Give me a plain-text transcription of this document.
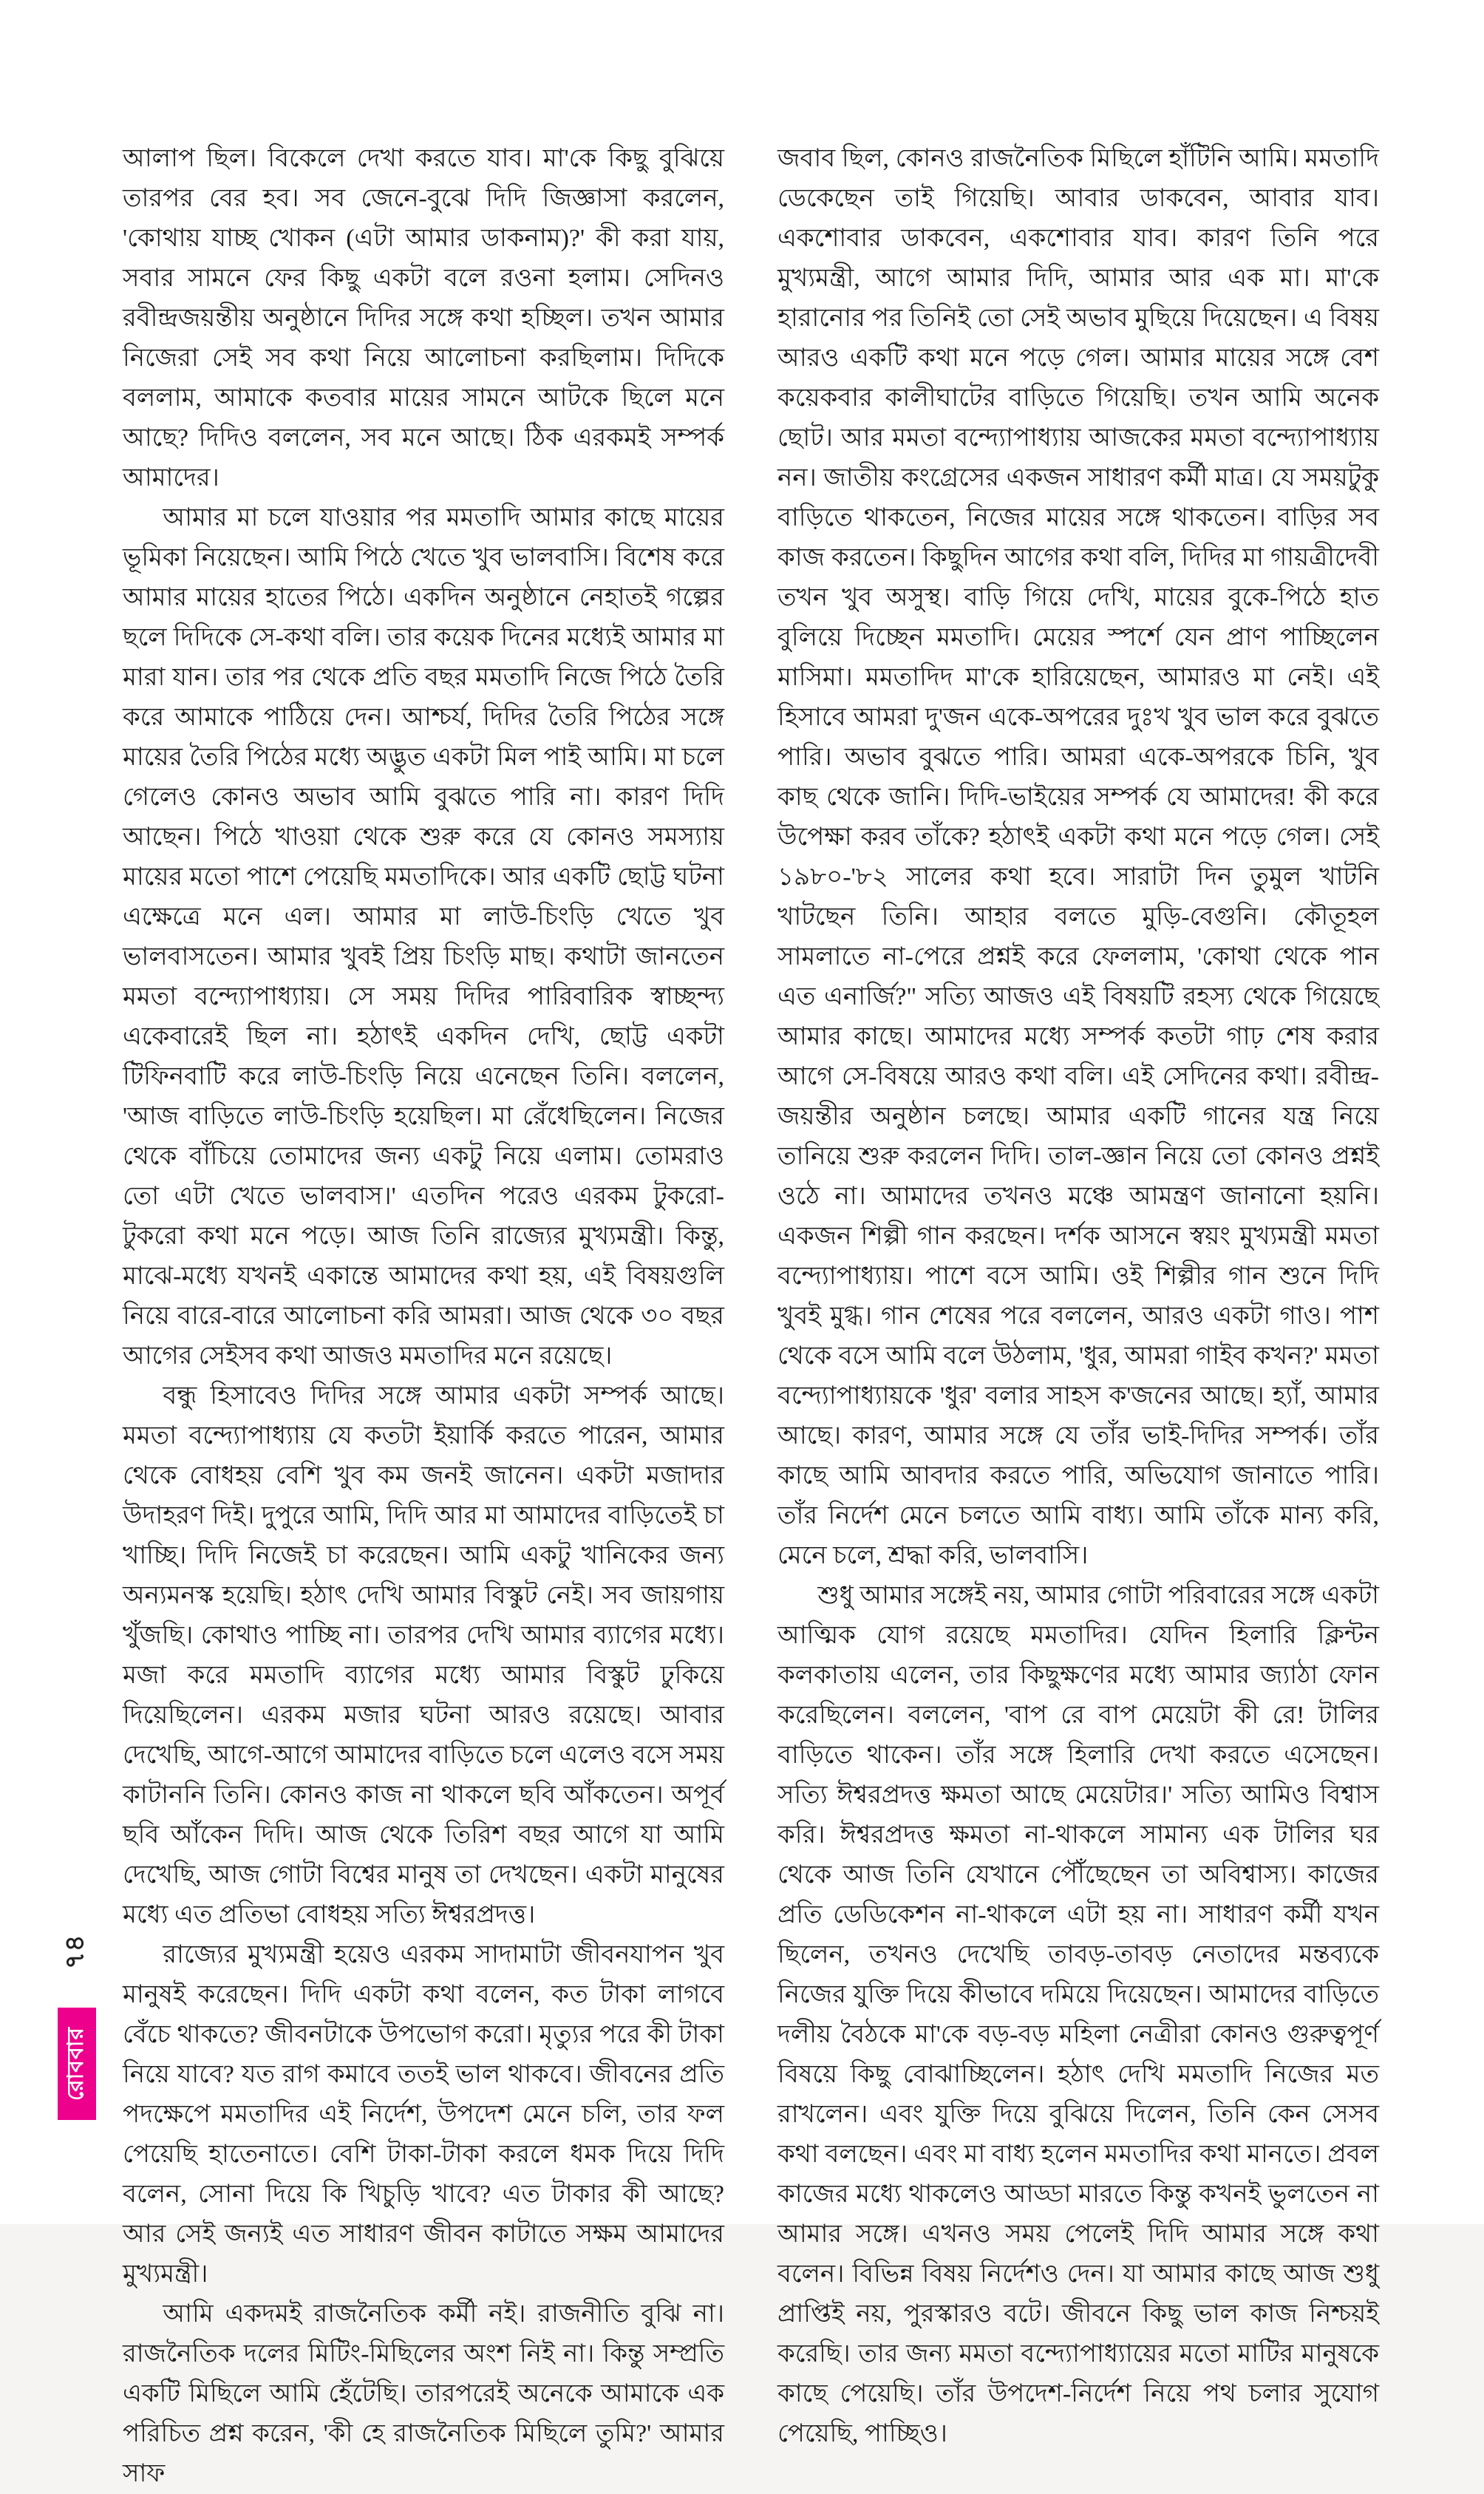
আলাপ ছিল। বিকেলে দেখা করতে যাব। মা'কে কিছু বুঝিয়ে তারপর বের হব। সব জেনে-বুঝে দিদি জিজ্ঞাসা করলেন, 'কোথায় যাচ্ছ খোকন (এটা আমার ডাকনাম)?' কী করা যায়, সবার সামনে ফের কিছু একটা বলে রওনা হলাম। সেদিনও রবীন্দ্রজয়ন্তীয় অনুষ্ঠানে দিদির সঙ্গে কথা হচ্ছিল। তখন আমার নিজেরা সেই সব কথা নিয়ে আলোচনা করছিলাম। দিদিকে বললাম, আমাকে কতবার মায়ের সামনে আটকে ছিলে মনে আছে? দিদিও বললেন, সব মনে আছে। ঠিক এরকমই সম্পর্ক আমাদের।

আমার মা চলে যাওয়ার পর মমতাদি আমার কাছে মায়ের ভূমিকা নিয়েছেন। আমি পিঠে খেতে খুব ভালবাসি। বিশেষ করে আমার মায়ের হাতের পিঠে। একদিন অনুষ্ঠানে নেহাতই গল্পের ছলে দিদিকে সে-কথা বলি। তার কয়েক দিনের মধ্যেই আমার মা মারা যান। তার পর থেকে প্রতি বছর মমতাদি নিজে পিঠে তৈরি করে আমাকে পাঠিয়ে দেন। আশ্চর্য, দিদির তৈরি পিঠের সঙ্গে মায়ের তৈরি পিঠের মধ্যে অদ্ভুত একটা মিল পাই আমি। মা চলে গেলেও কোনও অভাব আমি বুঝতে পারি না। কারণ দিদি আছেন। পিঠে খাওয়া থেকে শুরু করে যে কোনও সমস্যায় মায়ের মতো পাশে পেয়েছি মমতাদিকে। আর একটি ছোট্ট ঘটনা এক্ষেত্রে মনে এল। আমার মা লাউ-চিংড়ি খেতে খুব ভালবাসতেন। আমার খুবই প্রিয় চিংড়ি মাছ। কথাটা জানতেন মমতা বন্দ্যোপাধ্যায়। সে সময় দিদির পারিবারিক স্বাচ্ছন্দ্য একেবারেই ছিল না। হঠাৎই একদিন দেখি, ছোট্ট একটা টিফিনবাটি করে লাউ-চিংড়ি নিয়ে এনেছেন তিনি। বললেন, 'আজ বাড়িতে লাউ-চিংড়ি হয়েছিল। মা রেঁধেছিলেন। নিজের থেকে বাঁচিয়ে তোমাদের জন্য একটু নিয়ে এলাম। তোমরাও তো এটা খেতে ভালবাস।' এতদিন পরেও এরকম টুকরো-টুকরো কথা মনে পড়ে। আজ তিনি রাজ্যের মুখ্যমন্ত্রী। কিন্তু, মাঝে-মধ্যে যখনই একান্তে আমাদের কথা হয়, এই বিষয়গুলি নিয়ে বারে-বারে আলোচনা করি আমরা। আজ থেকে ৩০ বছর আগের সেইসব কথা আজও মমতাদির মনে রয়েছে।

বন্ধু হিসাবেও দিদির সঙ্গে আমার একটা সম্পর্ক আছে। মমতা বন্দ্যোপাধ্যায় যে কতটা ইয়ার্কি করতে পারেন, আমার থেকে বোধহয় বেশি খুব কম জনই জানেন। একটা মজাদার উদাহরণ দিই। দুপুরে আমি, দিদি আর মা আমাদের বাড়িতেই চা খাচ্ছি। দিদি নিজেই চা করেছেন। আমি একটু খানিকের জন্য অন্যমনস্ক হয়েছি। হঠাৎ দেখি আমার বিস্কুট নেই। সব জায়গায় খুঁজছি। কোথাও পাচ্ছি না। তারপর দেখি আমার ব্যাগের মধ্যে। মজা করে মমতাদি ব্যাগের মধ্যে আমার বিস্কুট ঢুকিয়ে দিয়েছিলেন। এরকম মজার ঘটনা আরও রয়েছে। আবার দেখেছি, আগে-আগে আমাদের বাড়িতে চলে এলেও বসে সময় কাটাননি তিনি। কোনও কাজ না থাকলে ছবি আঁকতেন। অপূর্ব ছবি আঁকেন দিদি। আজ থেকে তিরিশ বছর আগে যা আমি দেখেছি, আজ গোটা বিশ্বের মানুষ তা দেখছেন। একটা মানুষের মধ্যে এত প্রতিভা বোধহয় সত্যি ঈশ্বরপ্রদত্ত।

রাজ্যের মুখ্যমন্ত্রী হয়েও এরকম সাদামাটা জীবনযাপন খুব মানুষই করেছেন। দিদি একটা কথা বলেন, কত টাকা লাগবে বেঁচে থাকতে? জীবনটাকে উপভোগ করো। মৃত্যুর পরে কী টাকা নিয়ে যাবে? যত রাগ কমাবে ততই ভাল থাকবে। জীবনের প্রতি পদক্ষেপে মমতাদির এই নির্দেশ, উপদেশ মেনে চলি, তার ফল পেয়েছি হাতেনাতে। বেশি টাকা-টাকা করলে ধমক দিয়ে দিদি বলেন, সোনা দিয়ে কি খিচুড়ি খাবে? এত টাকার কী আছে? আর সেই জন্যই এত সাধারণ জীবন কাটাতে সক্ষম আমাদের মুখ্যমন্ত্রী।

আমি একদমই রাজনৈতিক কর্মী নই। রাজনীতি বুঝি না। রাজনৈতিক দলের মিটিং-মিছিলের অংশ নিই না। কিন্তু সম্প্রতি একটি মিছিলে আমি হেঁটেছি। তারপরেই অনেকে আমাকে এক পরিচিত প্রশ্ন করেন, 'কী হে রাজনৈতিক মিছিলে তুমি?' আমার সাফ

জবাব ছিল, কোনও রাজনৈতিক মিছিলে হাঁটিনি আমি। মমতাদি ডেকেছেন তাই গিয়েছি। আবার ডাকবেন, আবার যাব। একশোবার ডাকবেন, একশোবার যাব। কারণ তিনি পরে মুখ্যমন্ত্রী, আগে আমার দিদি, আমার আর এক মা। মা'কে হারানোর পর তিনিই তো সেই অভাব মুছিয়ে দিয়েছেন। এ বিষয় আরও একটি কথা মনে পড়ে গেল। আমার মায়ের সঙ্গে বেশ কয়েকবার কালীঘাটের বাড়িতে গিয়েছি। তখন আমি অনেক ছোট। আর মমতা বন্দ্যোপাধ্যায় আজকের মমতা বন্দ্যোপাধ্যায় নন। জাতীয় কংগ্রেসের একজন সাধারণ কর্মী মাত্র। যে সময়টুকু বাড়িতে থাকতেন, নিজের মায়ের সঙ্গে থাকতেন। বাড়ির সব কাজ করতেন। কিছুদিন আগের কথা বলি, দিদির মা গায়ত্রীদেবী তখন খুব অসুস্থ। বাড়ি গিয়ে দেখি, মায়ের বুকে-পিঠে হাত বুলিয়ে দিচ্ছেন মমতাদি। মেয়ের স্পর্শে যেন প্রাণ পাচ্ছিলেন মাসিমা। মমতাদিদ মা'কে হারিয়েছেন, আমারও মা নেই। এই হিসাবে আমরা দু'জন একে-অপরের দুঃখ খুব ভাল করে বুঝতে পারি। অভাব বুঝতে পারি। আমরা একে-অপরকে চিনি, খুব কাছ থেকে জানি। দিদি-ভাইয়ের সম্পর্ক যে আমাদের! কী করে উপেক্ষা করব তাঁকে? হঠাৎই একটা কথা মনে পড়ে গেল। সেই ১৯৮০-'৮২ সালের কথা হবে। সারাটা দিন তুমুল খাটনি খাটছেন তিনি। আহার বলতে মুড়ি-বেগুনি। কৌতূহল সামলাতে না-পেরে প্রশ্নই করে ফেললাম, 'কোথা থেকে পান এত এনার্জি?" সত্যি আজও এই বিষয়টি রহস্য থেকে গিয়েছে আমার কাছে। আমাদের মধ্যে সম্পর্ক কতটা গাঢ় শেষ করার আগে সে-বিষয়ে আরও কথা বলি। এই সেদিনের কথা। রবীন্দ্র-জয়ন্তীর অনুষ্ঠান চলছে। আমার একটি গানের যন্ত্র নিয়ে তানিয়ে শুরু করলেন দিদি। তাল-জ্ঞান নিয়ে তো কোনও প্রশ্নই ওঠে না। আমাদের তখনও মঞ্চে আমন্ত্রণ জানানো হয়নি। একজন শিল্পী গান করছেন। দর্শক আসনে স্বয়ং মুখ্যমন্ত্রী মমতা বন্দ্যোপাধ্যায়। পাশে বসে আমি। ওই শিল্পীর গান শুনে দিদি খুবই মুগ্ধ। গান শেষের পরে বললেন, আরও একটা গাও। পাশ থেকে বসে আমি বলে উঠলাম, 'ধুর, আমরা গাইব কখন?' মমতা বন্দ্যোপাধ্যায়কে 'ধুর' বলার সাহস ক'জনের আছে। হ্যাঁ, আমার আছে। কারণ, আমার সঙ্গে যে তাঁর ভাই-দিদির সম্পর্ক। তাঁর কাছে আমি আবদার করতে পারি, অভিযোগ জানাতে পারি। তাঁর নির্দেশ মেনে চলতে আমি বাধ্য। আমি তাঁকে মান্য করি, মেনে চলে, শ্রদ্ধা করি, ভালবাসি।

শুধু আমার সঙ্গেই নয়, আমার গোটা পরিবারের সঙ্গে একটা আত্মিক যোগ রয়েছে মমতাদির। যেদিন হিলারি ক্লিন্টন কলকাতায় এলেন, তার কিছুক্ষণের মধ্যে আমার জ্যাঠা ফোন করেছিলেন। বললেন, 'বাপ রে বাপ মেয়েটা কী রে! টালির বাড়িতে থাকেন। তাঁর সঙ্গে হিলারি দেখা করতে এসেছেন। সত্যি ঈশ্বরপ্রদত্ত ক্ষমতা আছে মেয়েটার।' সত্যি আমিও বিশ্বাস করি। ঈশ্বরপ্রদত্ত ক্ষমতা না-থাকলে সামান্য এক টালির ঘর থেকে আজ তিনি যেখানে পৌঁছেছেন তা অবিশ্বাস্য। কাজের প্রতি ডেডিকেশন না-থাকলে এটা হয় না। সাধারণ কর্মী যখন ছিলেন, তখনও দেখেছি তাবড়-তাবড় নেতাদের মন্তব্যকে নিজের যুক্তি দিয়ে কীভাবে দমিয়ে দিয়েছেন। আমাদের বাড়িতে দলীয় বৈঠকে মা'কে বড়-বড় মহিলা নেত্রীরা কোনও গুরুত্বপূর্ণ বিষয়ে কিছু বোঝাচ্ছিলেন। হঠাৎ দেখি মমতাদি নিজের মত রাখলেন। এবং যুক্তি দিয়ে বুঝিয়ে দিলেন, তিনি কেন সেসব কথা বলছেন। এবং মা বাধ্য হলেন মমতাদির কথা মানতে। প্রবল কাজের মধ্যে থাকলেও আড্ডা মারতে কিন্তু কখনই ভুলতেন না আমার সঙ্গে। এখনও সময় পেলেই দিদি আমার সঙ্গে কথা বলেন। বিভিন্ন বিষয় নির্দেশও দেন। যা আমার কাছে আজ শুধু প্রাপ্তিই নয়, পুরস্কারও বটে। জীবনে কিছু ভাল কাজ নিশ্চয়ই করেছি। তার জন্য মমতা বন্দ্যোপাধ্যায়ের মতো মাটির মানুষকে কাছে পেয়েছি। তাঁর উপদেশ-নির্দেশ নিয়ে পথ চলার সুযোগ পেয়েছি, পাচ্ছিও।

রোববার
৭৪
